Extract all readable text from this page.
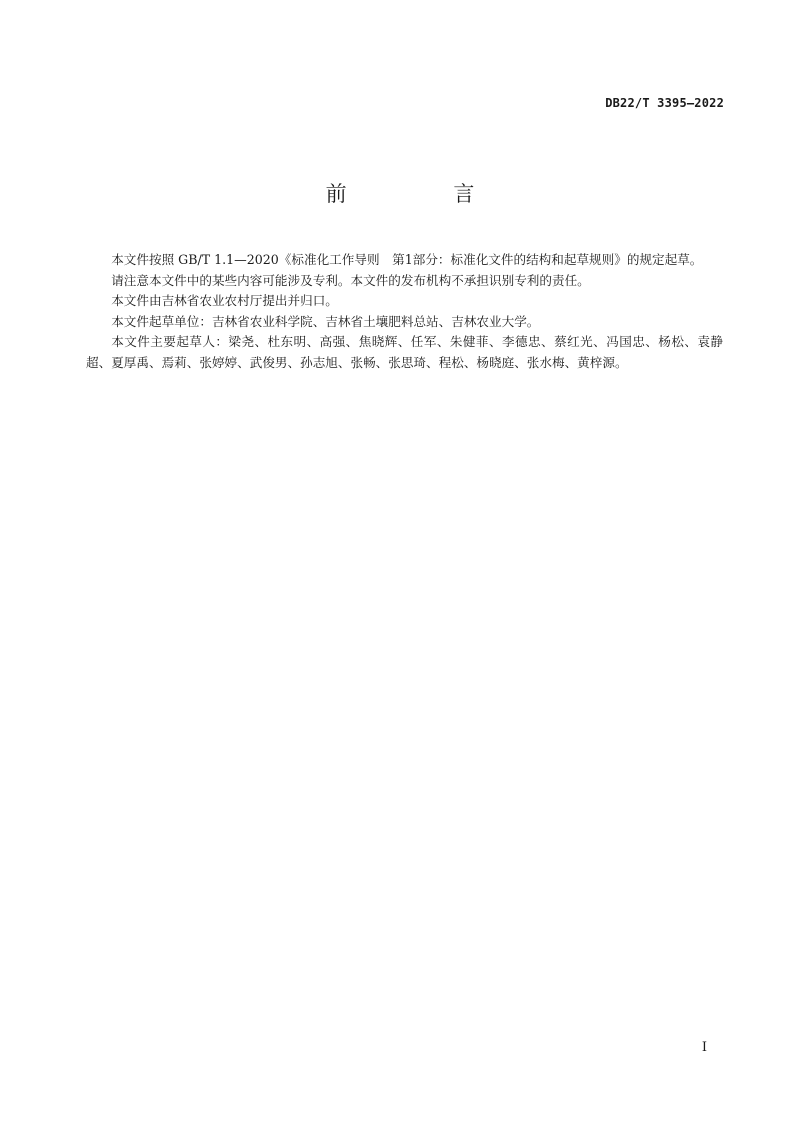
DB22/T 3395—2022
前 言

本文件按照 GB/T 1.1—2020《标准化工作导则　第1部分：标准化文件的结构和起草规则》的规定起草。

请注意本文件中的某些内容可能涉及专利。本文件的发布机构不承担识别专利的责任。

本文件由吉林省农业农村厅提出并归口。

本文件起草单位：吉林省农业科学院、吉林省土壤肥料总站、吉林农业大学。

本文件主要起草人：梁尧、杜东明、高强、焦晓辉、任军、朱健菲、李德忠、蔡红光、冯国忠、杨松、袁静超、夏厚禹、焉莉、张婷婷、武俊男、孙志旭、张畅、张思琦、程松、杨晓庭、张水梅、黄梓源。

I
